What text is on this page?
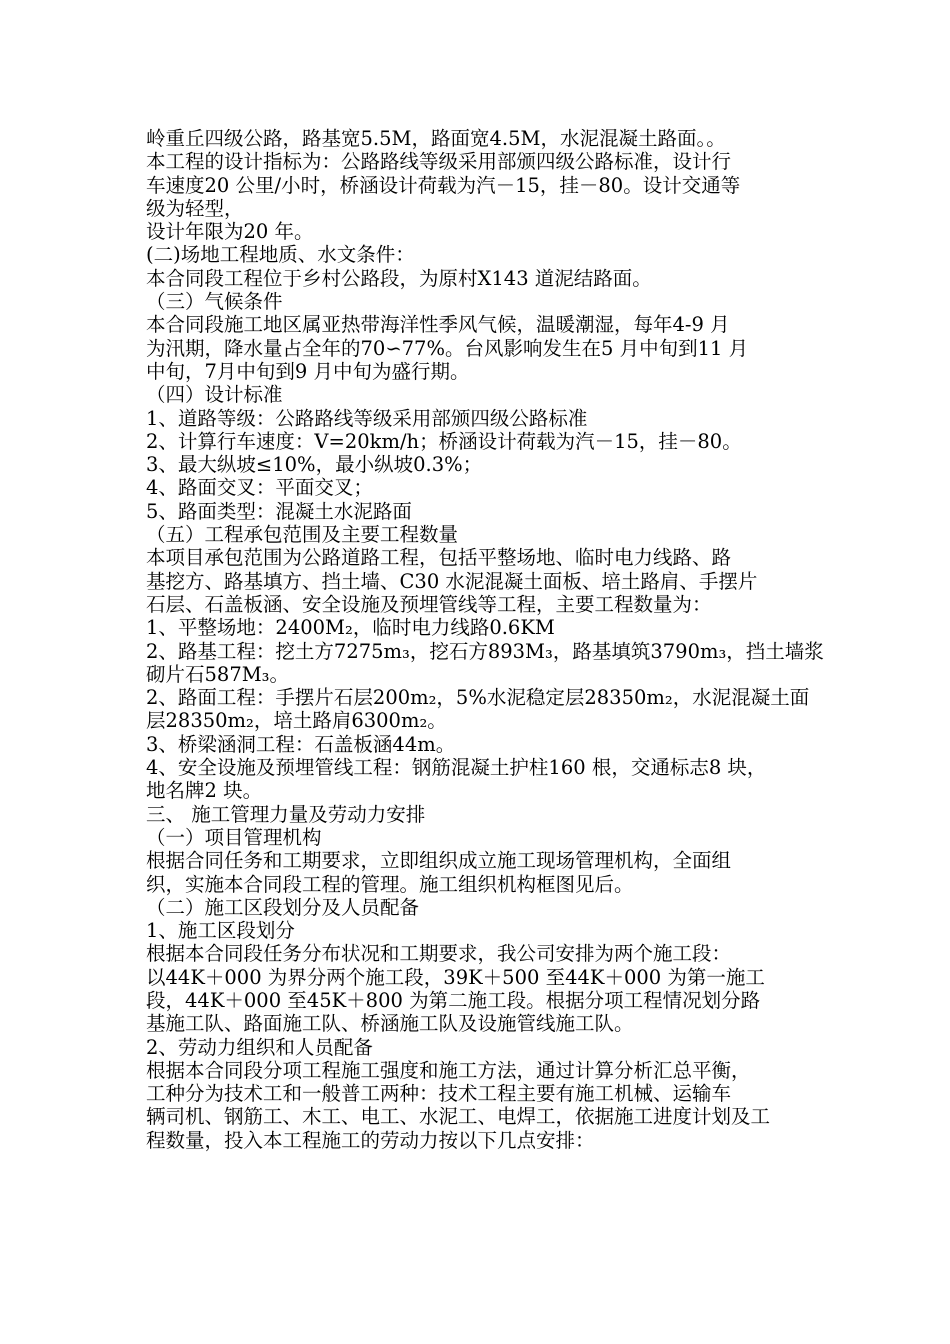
岭重丘四级公路，路基宽5.5M，路面宽4.5M，水泥混凝土路面。。
本工程的设计指标为：公路路线等级采用部颁四级公路标准，设计行
车速度20 公里/小时，桥涵设计荷载为汽－15，挂－80。设计交通等
级为轻型，
设计年限为20 年。
(二)场地工程地质、水文条件：
本合同段工程位于乡村公路段，为原村X143 道泥结路面。
（三）气候条件
本合同段施工地区属亚热带海洋性季风气候，温暖潮湿，每年4-9 月
为汛期，降水量占全年的70∽77%。台风影响发生在5 月中旬到11 月
中旬，7月中旬到9 月中旬为盛行期。
（四）设计标准
1、道路等级：公路路线等级采用部颁四级公路标准
2、计算行车速度：V=20km/h；桥涵设计荷载为汽－15，挂－80。
3、最大纵坡≤10%，最小纵坡0.3%；
4、路面交叉：平面交叉；
5、路面类型：混凝土水泥路面
（五）工程承包范围及主要工程数量
本项目承包范围为公路道路工程，包括平整场地、临时电力线路、路
基挖方、路基填方、挡土墙、C30 水泥混凝土面板、培土路肩、手摆片
石层、石盖板涵、安全设施及预埋管线等工程，主要工程数量为：
1、平整场地：2400M₂，临时电力线路0.6KM
2、路基工程：挖土方7275m₃，挖石方893M₃，路基填筑3790m₃，挡土墙浆
砌片石587M₃。
2、路面工程：手摆片石层200m₂，5%水泥稳定层28350m₂，水泥混凝土面
层28350m₂，培土路肩6300m₂。
3、桥梁涵洞工程：石盖板涵44m。
4、安全设施及预埋管线工程：钢筋混凝土护柱160 根，交通标志8 块，
地名牌2 块。
三、 施工管理力量及劳动力安排
（一）项目管理机构
根据合同任务和工期要求，立即组织成立施工现场管理机构，全面组
织，实施本合同段工程的管理。施工组织机构框图见后。
（二）施工区段划分及人员配备
1、施工区段划分
根据本合同段任务分布状况和工期要求，我公司安排为两个施工段：
以44K＋000 为界分两个施工段，39K＋500 至44K＋000 为第一施工
段，44K＋000 至45K＋800 为第二施工段。根据分项工程情况划分路
基施工队、路面施工队、桥涵施工队及设施管线施工队。
2、劳动力组织和人员配备
根据本合同段分项工程施工强度和施工方法，通过计算分析汇总平衡，
工种分为技术工和一般普工两种：技术工程主要有施工机械、运输车
辆司机、钢筋工、木工、电工、水泥工、电焊工，依据施工进度计划及工
程数量，投入本工程施工的劳动力按以下几点安排：
